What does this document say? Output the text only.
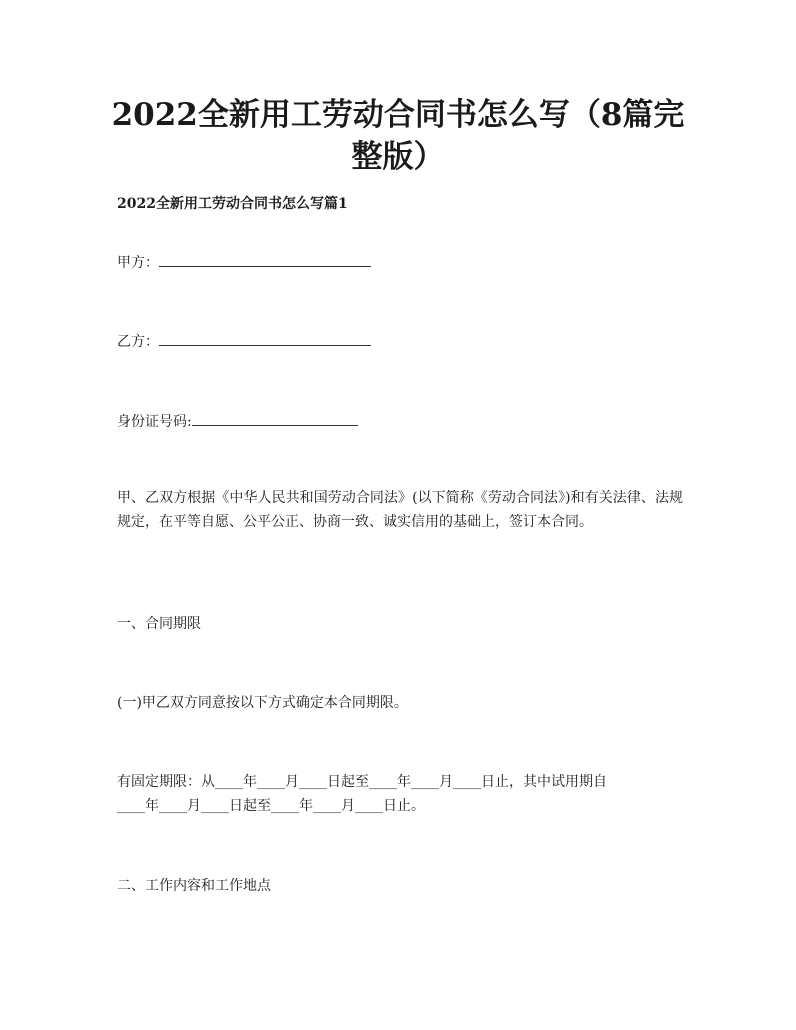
2022全新用工劳动合同书怎么写（8篇完整版）

2022全新用工劳动合同书怎么写篇1

甲方：

乙方：

身份证号码:

甲、乙双方根据《中华人民共和国劳动合同法》(以下简称《劳动合同法》)和有关法律、法规规定，在平等自愿、公平公正、协商一致、诚实信用的基础上，签订本合同。

一、合同期限

(一)甲乙双方同意按以下方式确定本合同期限。

有固定期限：从____年____月____日起至____年____月____日止，其中试用期自

____年____月____日起至____年____月____日止。

二、工作内容和工作地点
